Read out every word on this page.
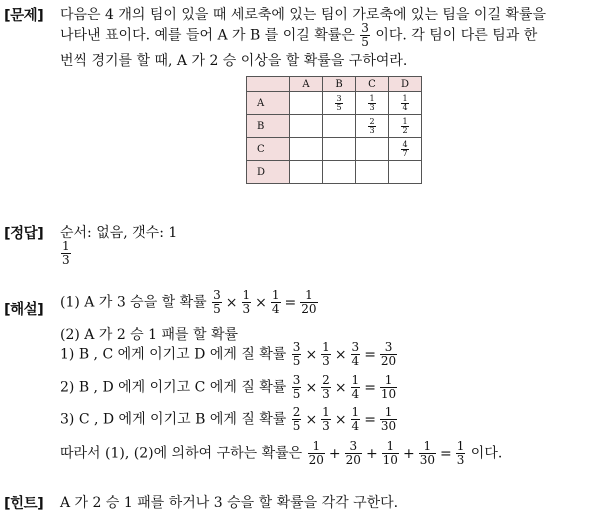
[문제] 다음은 4 개의 팀이 있을 때 세로축에 있는 팀이 가로축에 있는 팀을 이길 확률을
나타낸 표이다. 예를 들어 A 가 B 를 이길 확률은 $\frac{3}{5}$ 이다. 각 팀이 다른 팀과 한
번씩 경기를 할 때, A 가 2 승 이상을 할 확률을 구하여라.
	A	B	C	D
A		$\frac{3}{5}$	$\frac{1}{3}$	$\frac{1}{4}$

B			$\frac{2}{3}$	$\frac{1}{2}$

C				$\frac{4}{7}$

D				
[정답] 순서: 없음, 갯수: 1
$\frac{1}{3}$
[해설] (1) A 가 3 승을 할 확률 $\frac{3}{5} \times \frac{1}{3} \times \frac{1}{4} = \frac{1}{20}$
(2) A 가 2 승 1 패를 할 확률
1) B , C 에게 이기고 D 에게 질 확률 $\frac{3}{5} \times \frac{1}{3} \times \frac{3}{4} = \frac{3}{20}$
2) B , D 에게 이기고 C 에게 질 확률 $\frac{3}{5} \times \frac{2}{3} \times \frac{1}{4} = \frac{1}{10}$
3) C , D 에게 이기고 B 에게 질 확률 $\frac{2}{5} \times \frac{1}{3} \times \frac{1}{4} = \frac{1}{30}$
따라서 (1), (2)에 의하여 구하는 확률은 $\frac{1}{20} + \frac{3}{20} + \frac{1}{10} + \frac{1}{30} = \frac{1}{3}$ 이다.
[힌트] A 가 2 승 1 패를 하거나 3 승을 할 확률을 각각 구한다.
